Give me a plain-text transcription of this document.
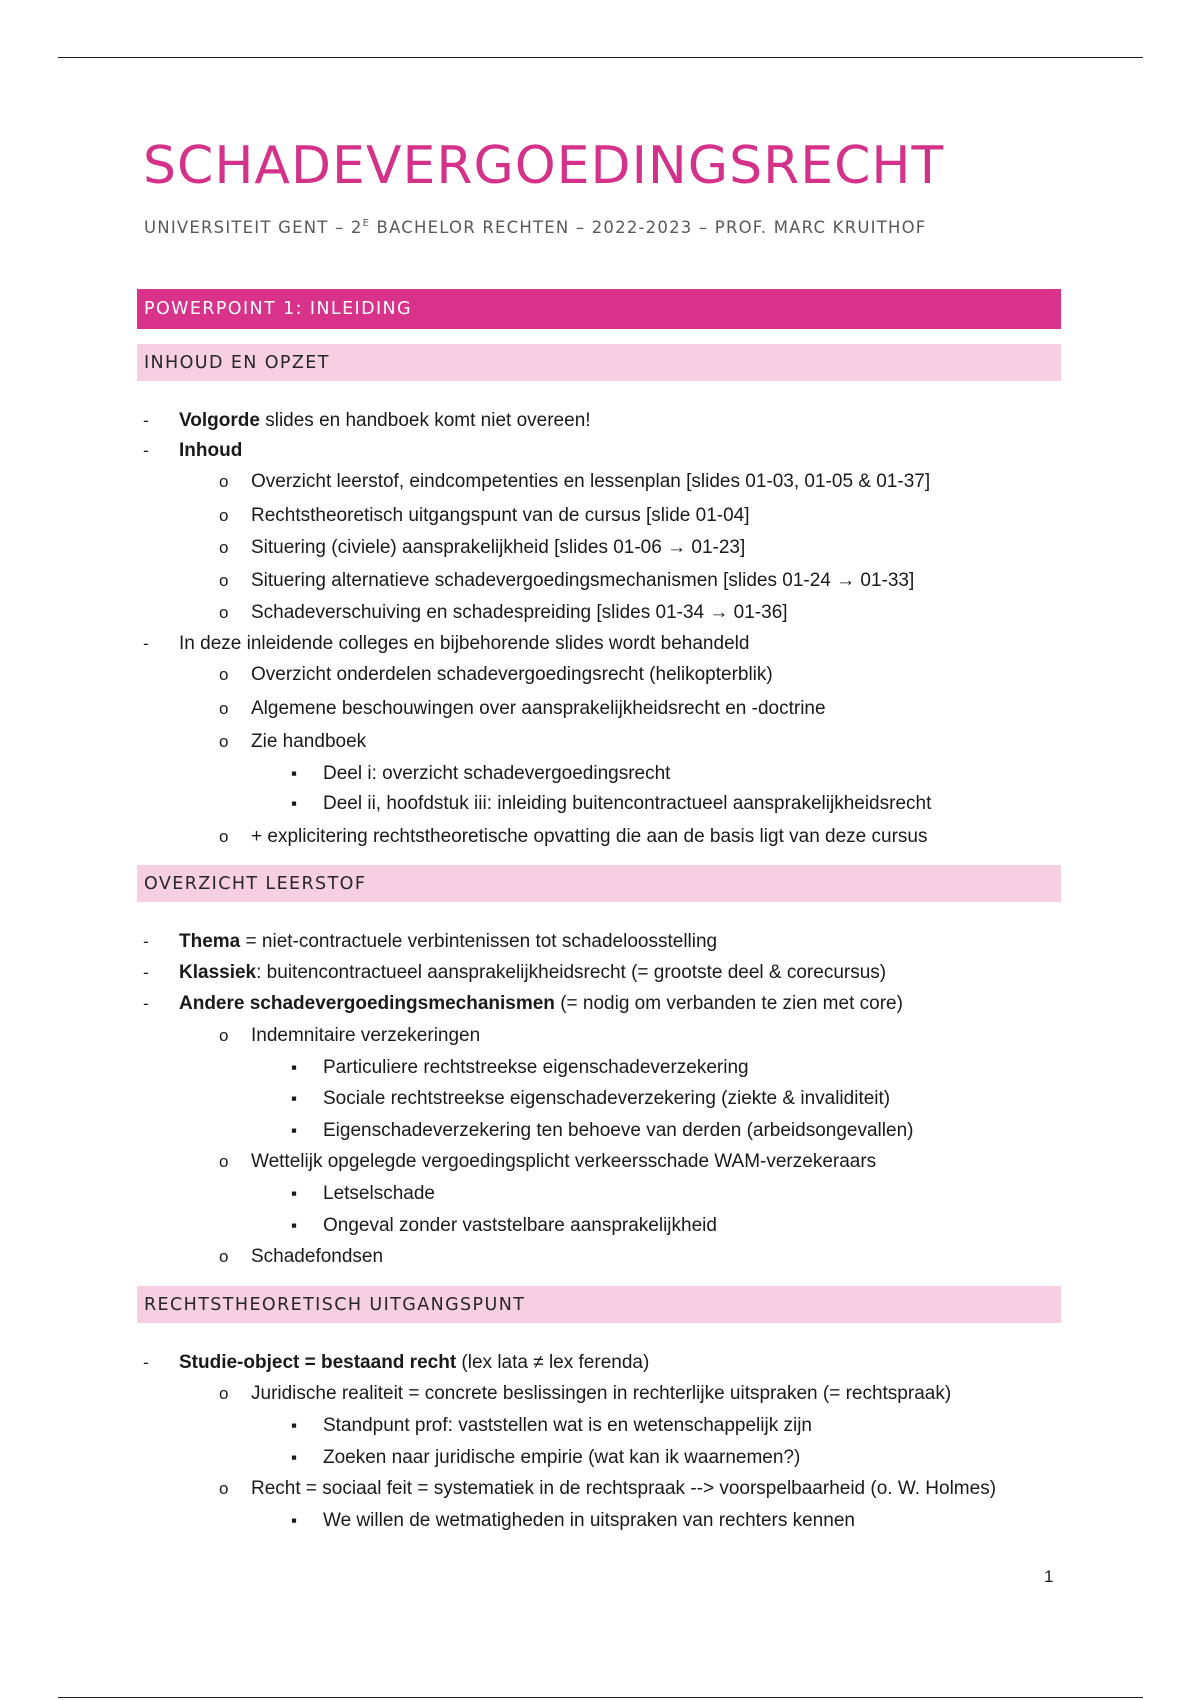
SCHADEVERGOEDINGSRECHT
UNIVERSITEIT GENT – $2^E$ BACHELOR RECHTEN – 2022-2023 – PROF. MARC KRUITHOF
POWERPOINT 1: INLEIDING
INHOUD EN OPZET
- Volgorde slides en handboek komt niet overeen!
- Inhoud
o Overzicht leerstof, eindcompetenties en lessenplan [slides 01-03, 01-05 & 01-37]
o Rechtstheoretisch uitgangspunt van de cursus [slide 01-04]
o Situering (civiele) aansprakelijkheid [slides 01-06 → 01-23]
o Situering alternatieve schadevergoedingsmechanismen [slides 01-24 → 01-33]
o Schadeverschuiving en schadespreiding [slides 01-34 → 01-36]
- In deze inleidende colleges en bijbehorende slides wordt behandeld
o Overzicht onderdelen schadevergoedingsrecht (helikopterblik)
o Algemene beschouwingen over aansprakelijkheidsrecht en -doctrine
o Zie handboek
▪ Deel i: overzicht schadevergoedingsrecht
▪ Deel ii, hoofdstuk iii: inleiding buitencontractueel aansprakelijkheidsrecht
o + explicitering rechtstheoretische opvatting die aan de basis ligt van deze cursus
OVERZICHT LEERSTOF
- Thema = niet-contractuele verbintenissen tot schadeloosstelling
- Klassiek: buitencontractueel aansprakelijkheidsrecht (= grootste deel & corecursus)
- Andere schadevergoedingsmechanismen (= nodig om verbanden te zien met core)
o Indemnitaire verzekeringen
▪ Particuliere rechtstreekse eigenschadeverzekering
▪ Sociale rechtstreekse eigenschadeverzekering (ziekte & invaliditeit)
▪ Eigenschadeverzekering ten behoeve van derden (arbeidsongevallen)
o Wettelijk opgelegde vergoedingsplicht verkeersschade WAM-verzekeraars
▪ Letselschade
▪ Ongeval zonder vaststelbare aansprakelijkheid
o Schadefondsen
RECHTSTHEORETISCH UITGANGSPUNT
- Studie-object = bestaand recht (lex lata ≠ lex ferenda)
o Juridische realiteit = concrete beslissingen in rechterlijke uitspraken (= rechtspraak)
▪ Standpunt prof: vaststellen wat is en wetenschappelijk zijn
▪ Zoeken naar juridische empirie (wat kan ik waarnemen?)
o Recht = sociaal feit = systematiek in de rechtspraak --> voorspelbaarheid (o. W. Holmes)
▪ We willen de wetmatigheden in uitspraken van rechters kennen
1
